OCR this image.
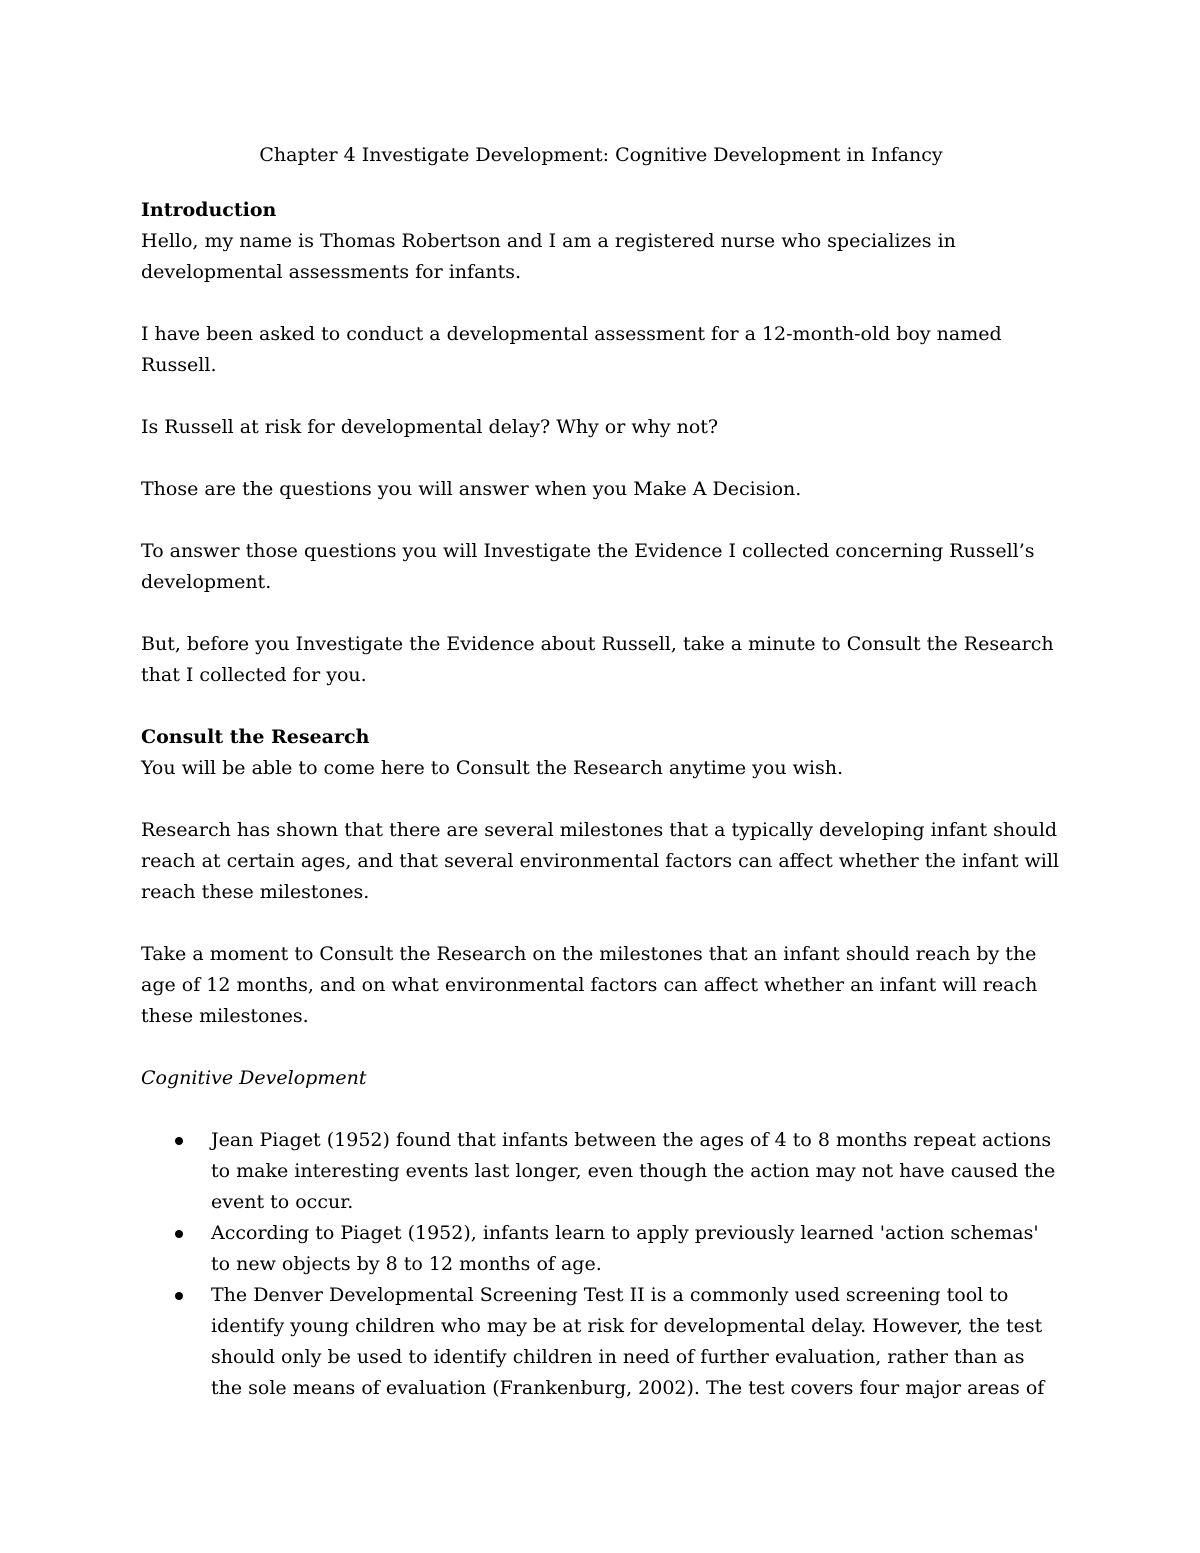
Chapter 4 Investigate Development: Cognitive Development in Infancy
Introduction

Hello, my name is Thomas Robertson and I am a registered nurse who specializes in developmental assessments for infants.

I have been asked to conduct a developmental assessment for a 12-month-old boy named Russell.

Is Russell at risk for developmental delay? Why or why not?

Those are the questions you will answer when you Make A Decision.

To answer those questions you will Investigate the Evidence I collected concerning Russell’s development.

But, before you Investigate the Evidence about Russell, take a minute to Consult the Research that I collected for you.

Consult the Research

You will be able to come here to Consult the Research anytime you wish.

Research has shown that there are several milestones that a typically developing infant should reach at certain ages, and that several environmental factors can affect whether the infant will reach these milestones.

Take a moment to Consult the Research on the milestones that an infant should reach by the age of 12 months, and on what environmental factors can affect whether an infant will reach these milestones.

Cognitive Development
Jean Piaget (1952) found that infants between the ages of 4 to 8 months repeat actions to make interesting events last longer, even though the action may not have caused the event to occur.
According to Piaget (1952), infants learn to apply previously learned 'action schemas' to new objects by 8 to 12 months of age.
The Denver Developmental Screening Test II is a commonly used screening tool to identify young children who may be at risk for developmental delay. However, the test should only be used to identify children in need of further evaluation, rather than as the sole means of evaluation (Frankenburg, 2002). The test covers four major areas of
